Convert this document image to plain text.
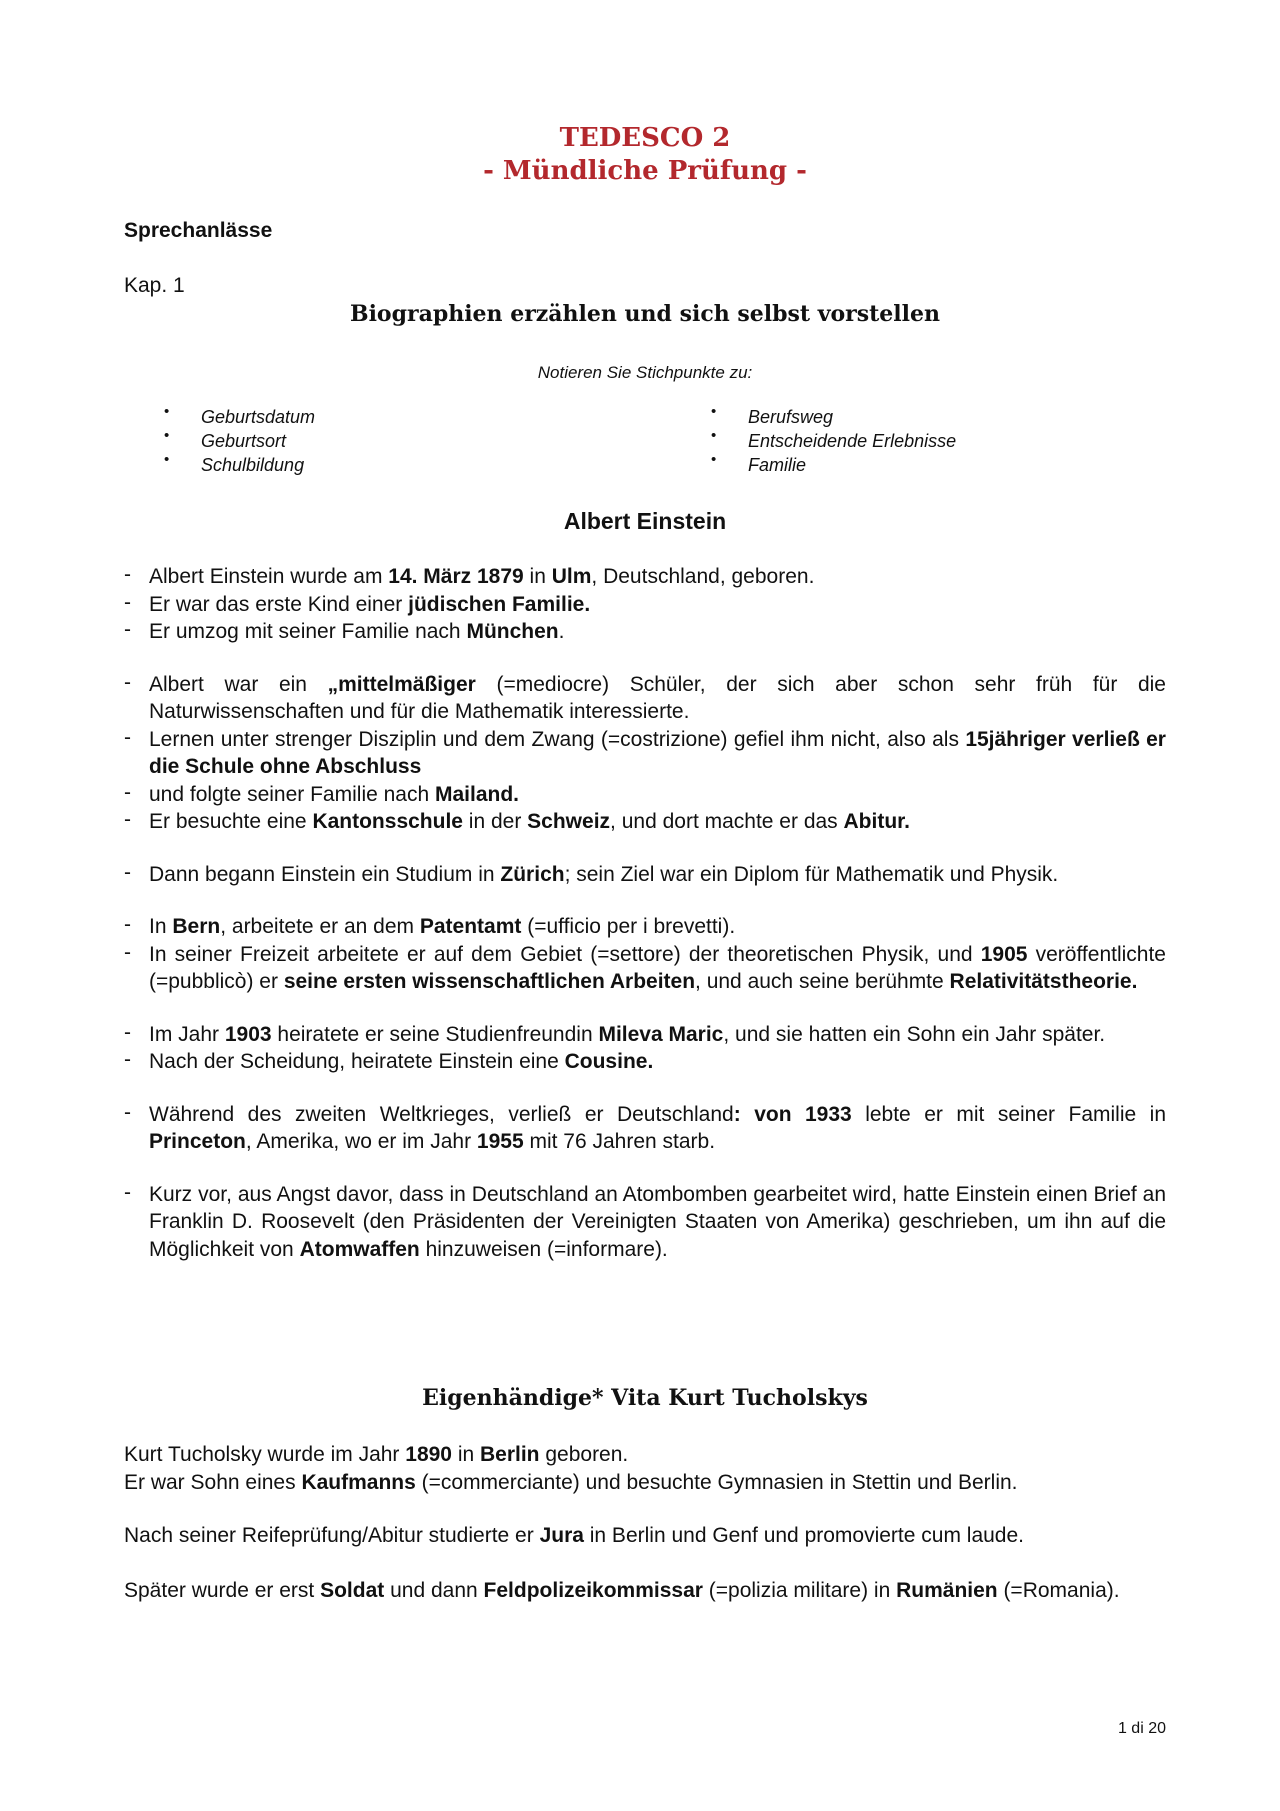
TEDESCO 2
- Mündliche Prüfung -
Sprechanlässe
Kap. 1
Biographien erzählen und sich selbst vorstellen
Notieren Sie Stichpunkte zu:
• Geburtsdatum
• Geburtsort
• Schulbildung
• Berufsweg
• Entscheidende Erlebnisse
• Familie
Albert Einstein
- Albert Einstein wurde am 14. März 1879 in Ulm, Deutschland, geboren.
- Er war das erste Kind einer jüdischen Familie.
- Er umzog mit seiner Familie nach München.
- Albert war ein „mittelmäßiger (=mediocre) Schüler, der sich aber schon sehr früh für die Naturwissenschaften und für die Mathematik interessierte.
- Lernen unter strenger Disziplin und dem Zwang (=costrizione) gefiel ihm nicht, also als 15jähriger verließ er die Schule ohne Abschluss
- und folgte seiner Familie nach Mailand.
- Er besuchte eine Kantonsschule in der Schweiz, und dort machte er das Abitur.
- Dann begann Einstein ein Studium in Zürich; sein Ziel war ein Diplom für Mathematik und Physik.
- In Bern, arbeitete er an dem Patentamt (=ufficio per i brevetti).
- In seiner Freizeit arbeitete er auf dem Gebiet (=settore) der theoretischen Physik, und 1905 veröffentlichte (=pubblicò) er seine ersten wissenschaftlichen Arbeiten, und auch seine berühmte Relativitätstheorie.
- Im Jahr 1903 heiratete er seine Studienfreundin Mileva Maric, und sie hatten ein Sohn ein Jahr später.
- Nach der Scheidung, heiratete Einstein eine Cousine.
- Während des zweiten Weltkrieges, verließ er Deutschland: von 1933 lebte er mit seiner Familie in Princeton, Amerika, wo er im Jahr 1955 mit 76 Jahren starb.
- Kurz vor, aus Angst davor, dass in Deutschland an Atombomben gearbeitet wird, hatte Einstein einen Brief an Franklin D. Roosevelt (den Präsidenten der Vereinigten Staaten von Amerika) geschrieben, um ihn auf die Möglichkeit von Atomwaffen hinzuweisen (=informare).
Eigenhändige* Vita Kurt Tucholskys
Kurt Tucholsky wurde im Jahr 1890 in Berlin geboren.
Er war Sohn eines Kaufmanns (=commerciante) und besuchte Gymnasien in Stettin und Berlin.
Nach seiner Reifeprüfung/Abitur studierte er Jura in Berlin und Genf und promovierte cum laude.
Später wurde er erst Soldat und dann Feldpolizeikommissar (=polizia militare) in Rumänien (=Romania).
1 di 20
